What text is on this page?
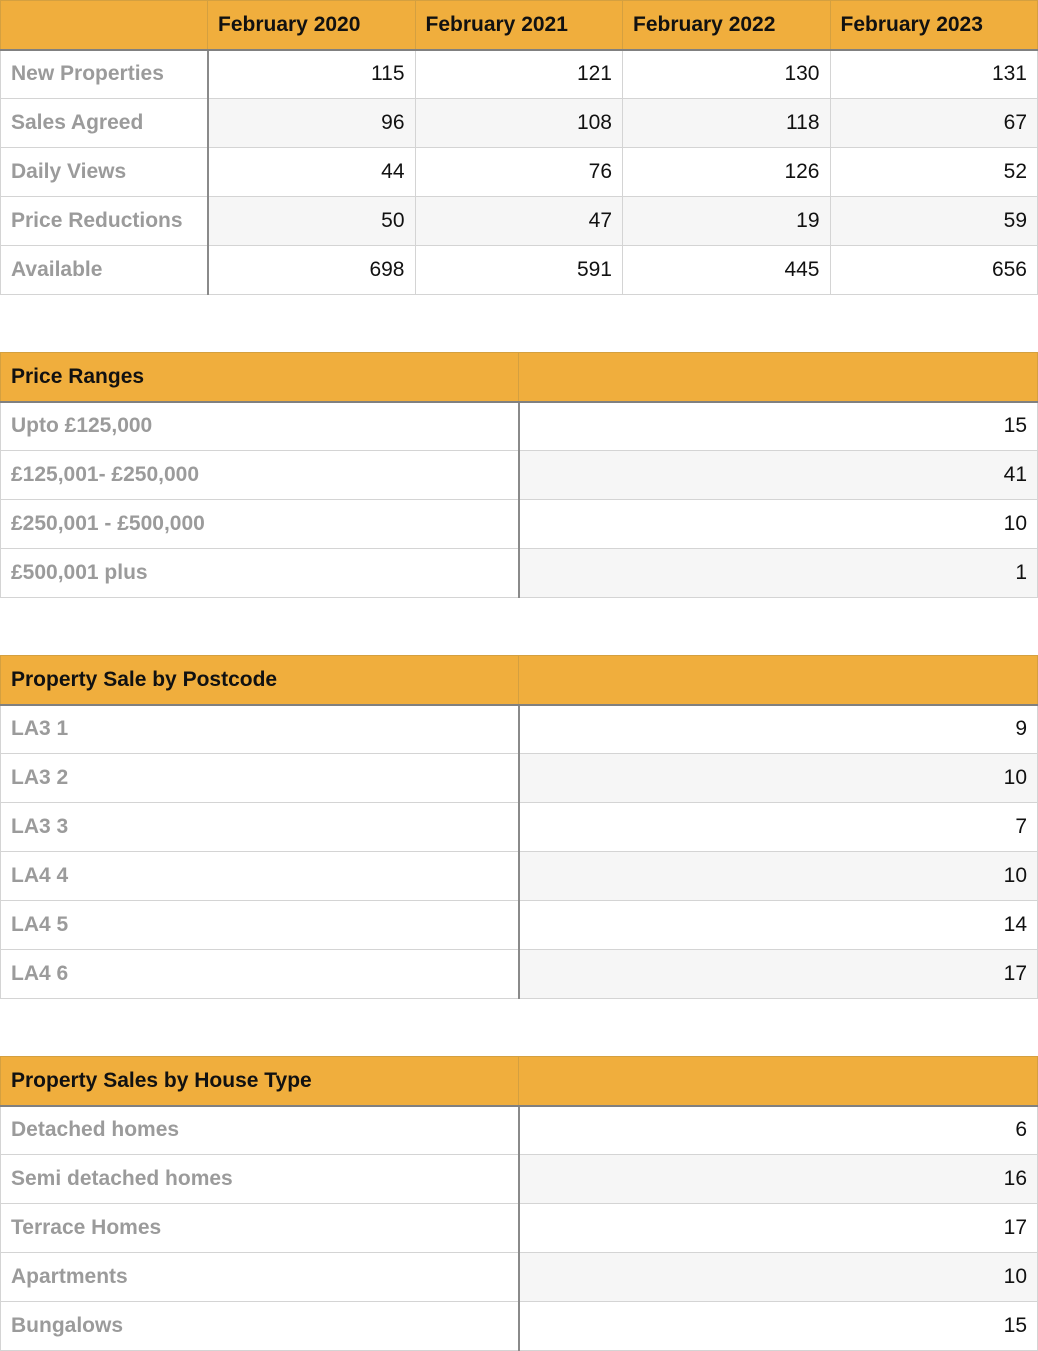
	February 2020	February 2021	February 2022	February 2023
New Properties	115	121	130	131
Sales Agreed	96	108	118	67
Daily Views	44	76	126	52
Price Reductions	50	47	19	59
Available	698	591	445	656
Price Ranges	
Upto £125,000	15
£125,001- £250,000	41
£250,001 - £500,000	10
£500,001 plus	1
Property Sale by Postcode	
LA3 1	9
LA3 2	10
LA3 3	7
LA4 4	10
LA4 5	14
LA4 6	17
Property Sales by House Type	
Detached homes	6
Semi detached homes	16
Terrace Homes	17
Apartments	10
Bungalows	15
